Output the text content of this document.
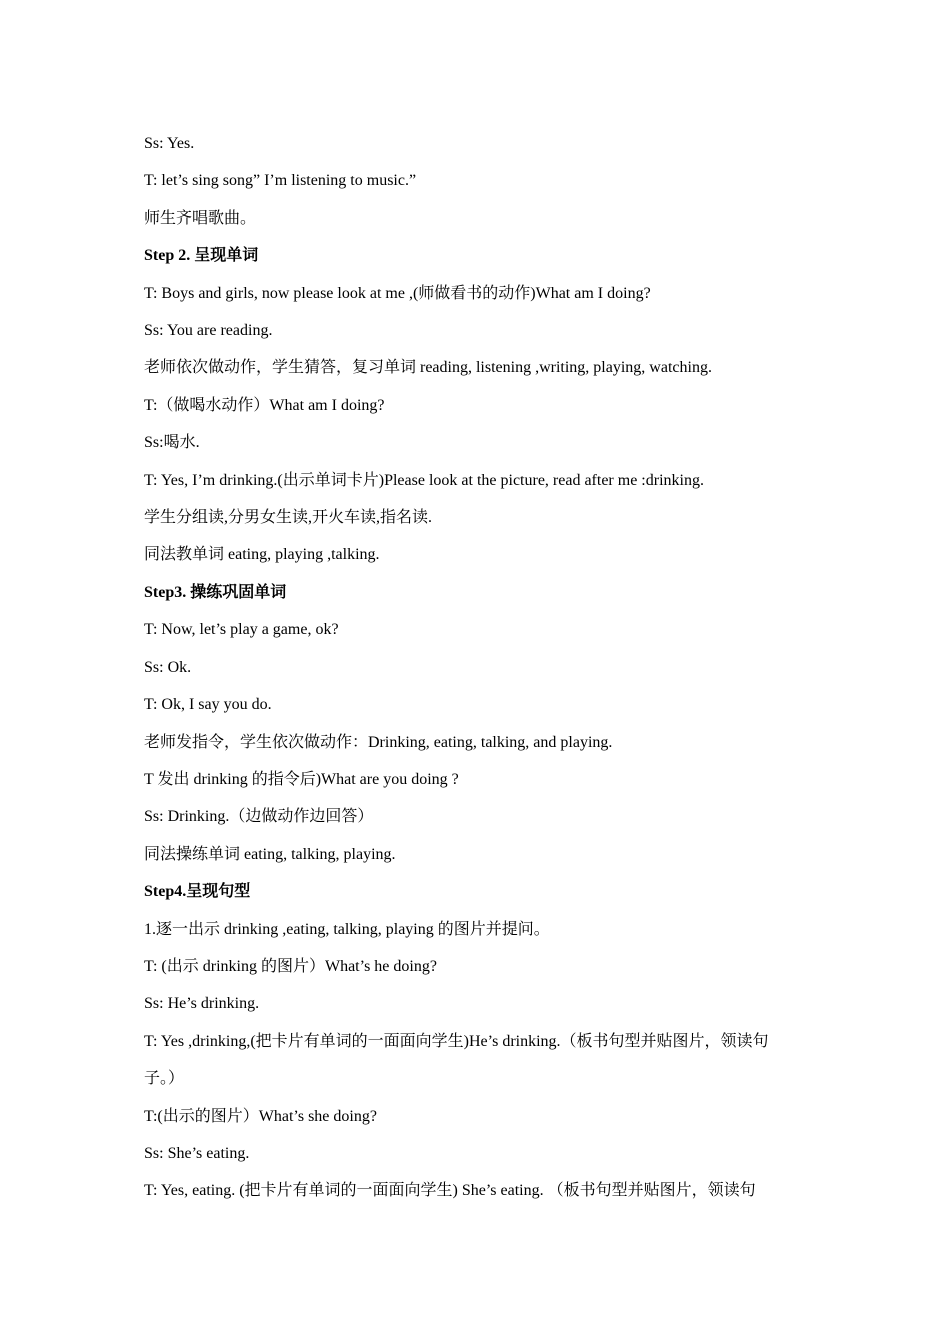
Ss: Yes.
T: let’s sing song” I’m listening to music.”
师生齐唱歌曲。
Step 2. 呈现单词
T: Boys and girls, now please look at me ,(师做看书的动作)What am I doing?
Ss: You are reading.
老师依次做动作，学生猜答，复习单词 reading, listening ,writing, playing, watching.
T:（做喝水动作）What am I doing?
Ss:喝水.
T: Yes, I’m drinking.(出示单词卡片)Please look at the picture, read after me :drinking.
学生分组读,分男女生读,开火车读,指名读.
同法教单词 eating, playing ,talking.
Step3. 操练巩固单词
T: Now, let’s play a game, ok?
Ss: Ok.
T: Ok, I say you do.
老师发指令，学生依次做动作：Drinking, eating, talking, and playing.
T 发出 drinking 的指令后)What are you doing ?
Ss: Drinking.（边做动作边回答）
同法操练单词 eating, talking, playing.
Step4.呈现句型
1.逐一出示 drinking ,eating, talking, playing 的图片并提问。
T: (出示 drinking 的图片）What’s he doing?
Ss: He’s drinking.
T: Yes ,drinking,(把卡片有单词的一面面向学生)He’s drinking.（板书句型并贴图片，领读句
子。）
T:(出示的图片）What’s she doing?
Ss: She’s eating.
T: Yes, eating. (把卡片有单词的一面面向学生) She’s eating. （板书句型并贴图片，领读句
